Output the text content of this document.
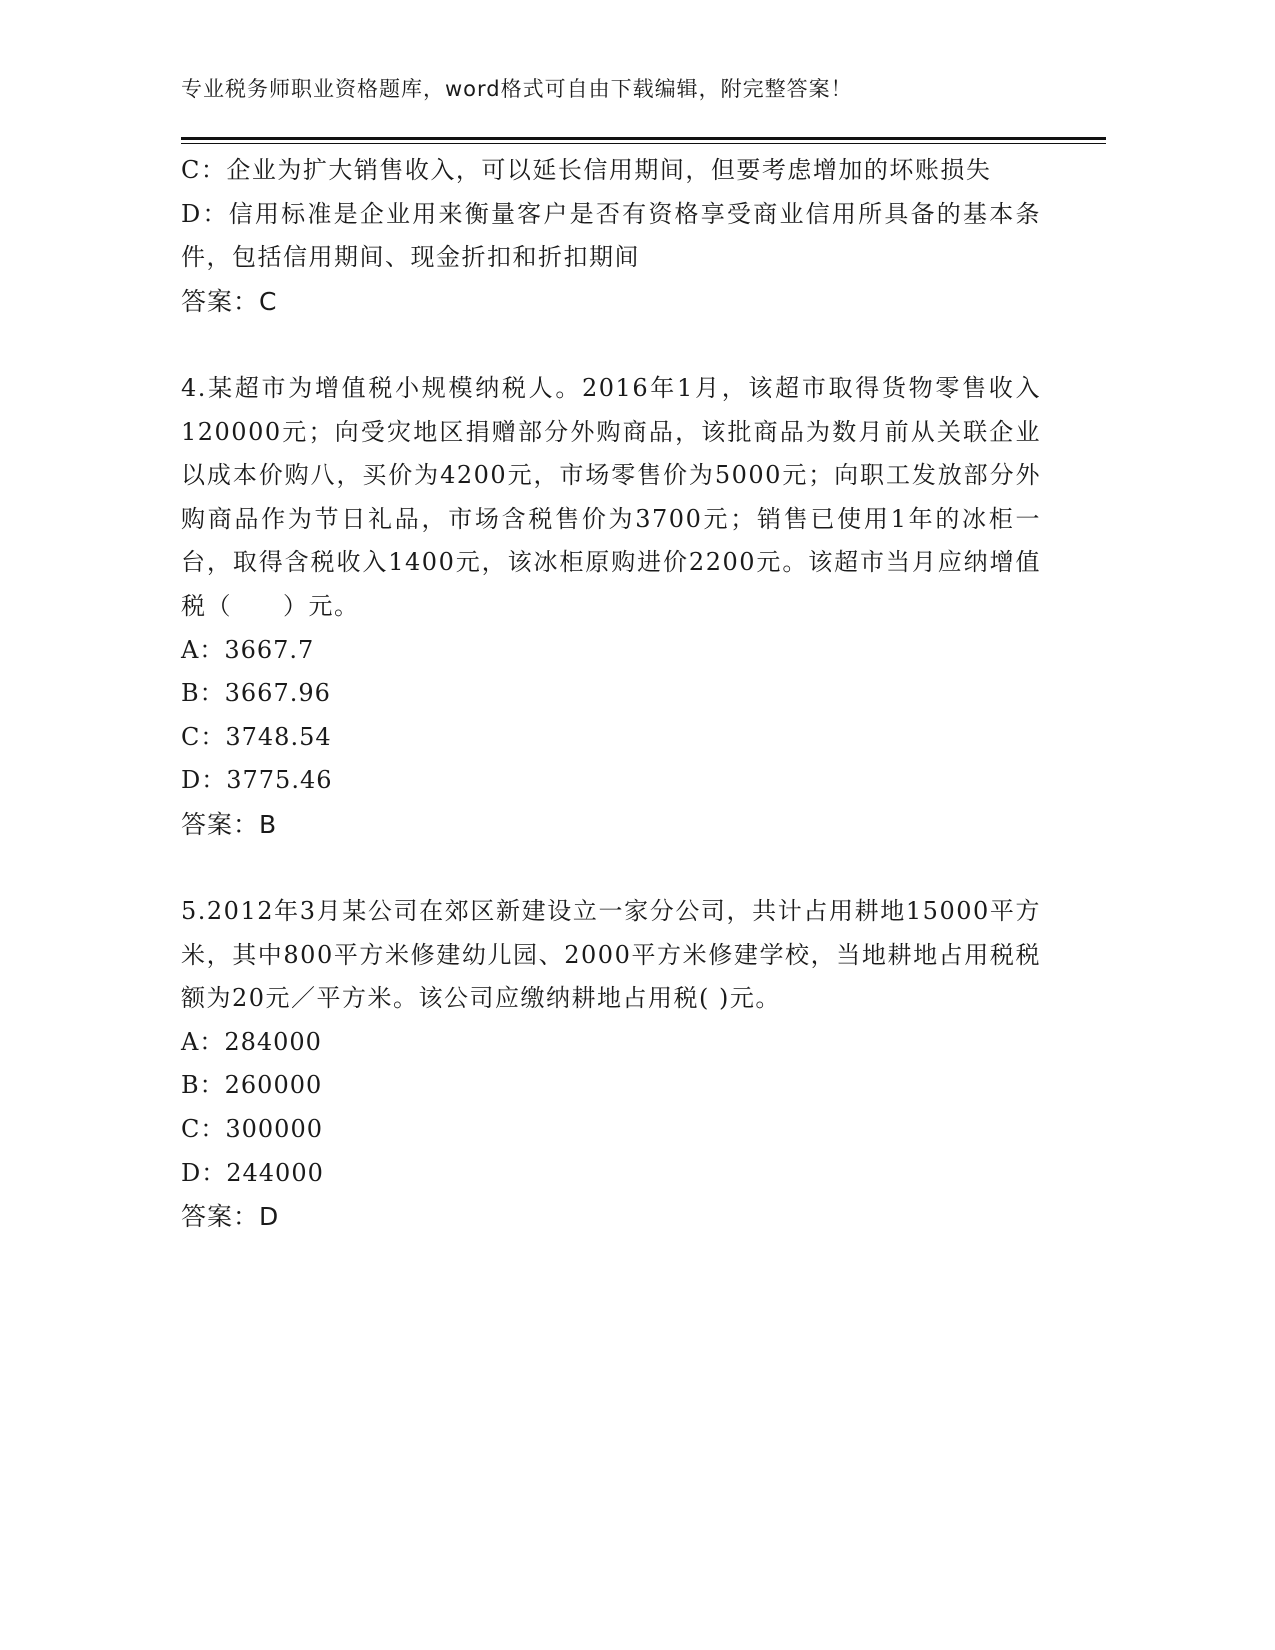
专业税务师职业资格题库，word格式可自由下载编辑，附完整答案！

C：企业为扩大销售收入，可以延长信用期间，但要考虑增加的坏账损失

D：信用标准是企业用来衡量客户是否有资格享受商业信用所具备的基本条件，包括信用期间、现金折扣和折扣期间

答案：C

4.某超市为增值税小规模纳税人。2016年1月，该超市取得货物零售收入120000元；向受灾地区捐赠部分外购商品，该批商品为数月前从关联企业以成本价购八，买价为4200元，市场零售价为5000元；向职工发放部分外购商品作为节日礼品，市场含税售价为3700元；销售已使用1年的冰柜一台，取得含税收入1400元，该冰柜原购进价2200元。该超市当月应纳增值税（　　）元。

A：3667.7

B：3667.96

C：3748.54

D：3775.46

答案：B

5.2012年3月某公司在郊区新建设立一家分公司，共计占用耕地15000平方米，其中800平方米修建幼儿园、2000平方米修建学校，当地耕地占用税税额为20元／平方米。该公司应缴纳耕地占用税( )元。

A：284000

B：260000

C：300000

D：244000

答案：D
